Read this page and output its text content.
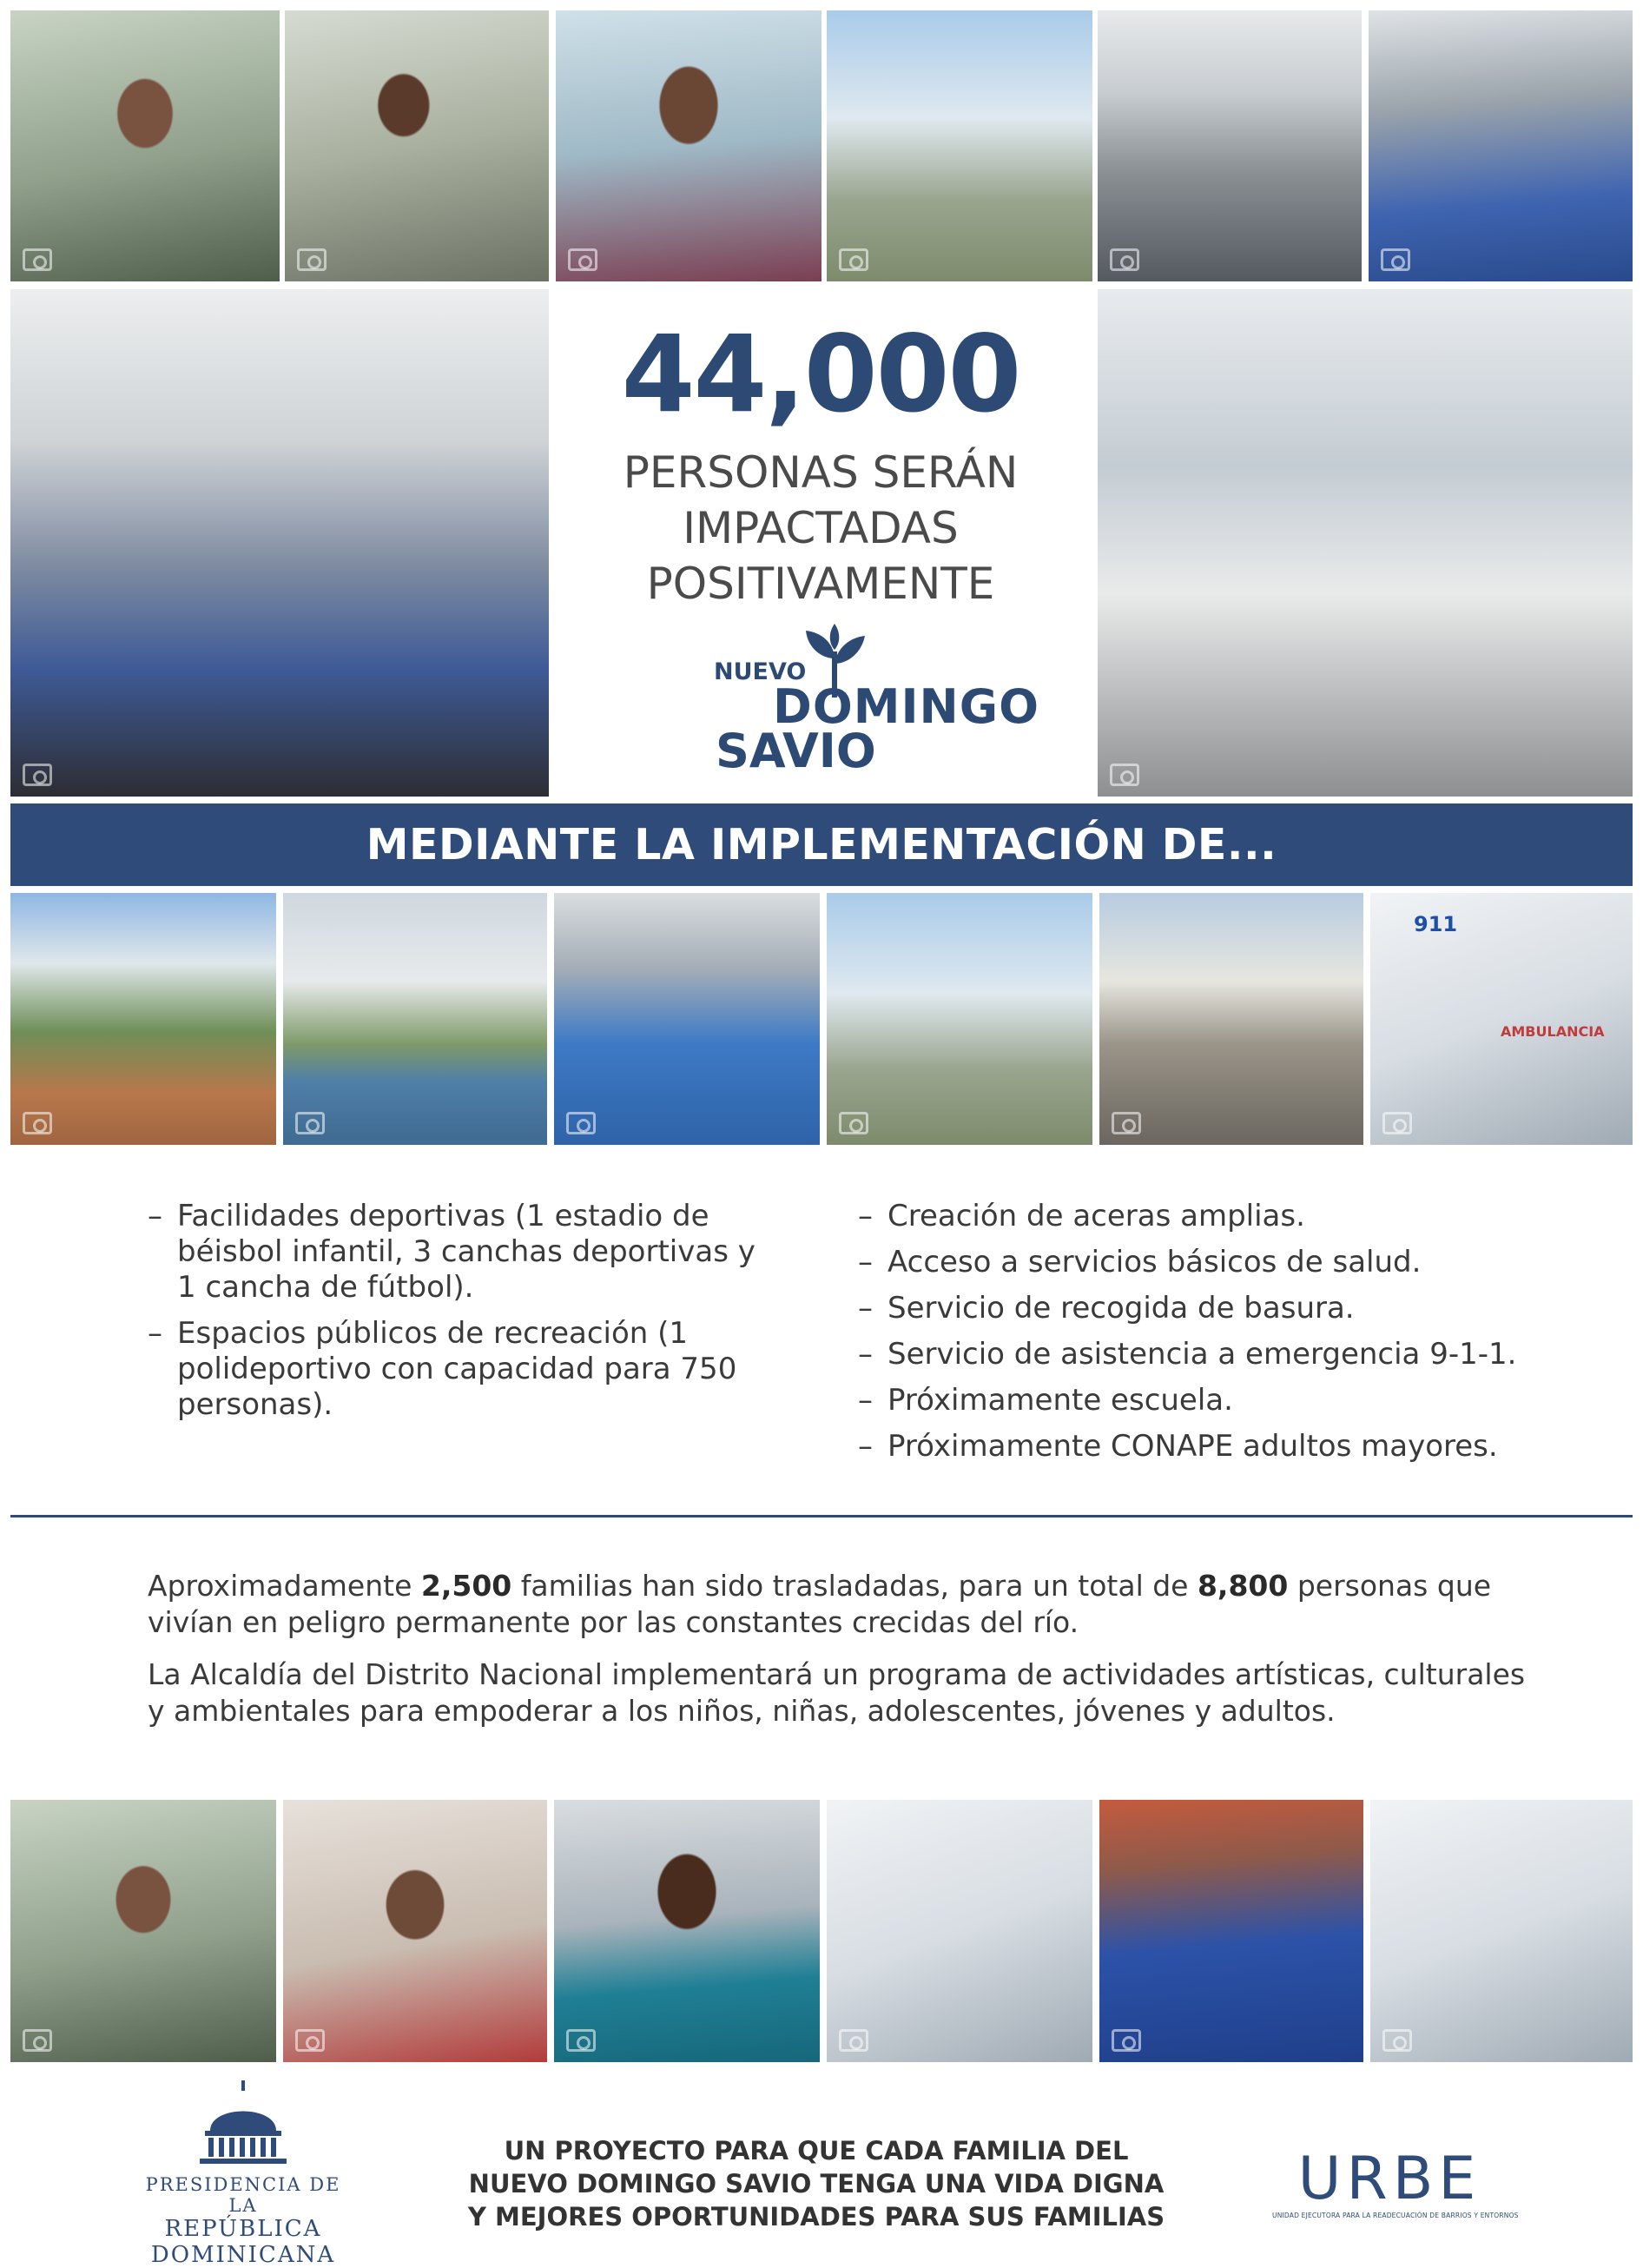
44,000
PERSONAS SERÁN
IMPACTADAS
POSITIVAMENTE
NUEVO
DOMINGO
SAVIO
MEDIANTE LA IMPLEMENTACIÓN DE...
911
AMBULANCIA
– Facilidades deportivas (1 estadio de béisbol infantil, 3 canchas deportivas y 1 cancha de fútbol).
– Espacios públicos de recreación (1 polideportivo con capacidad para 750 personas).
– Creación de aceras amplias.
– Acceso a servicios básicos de salud.
– Servicio de recogida de basura.
– Servicio de asistencia a emergencia 9-1-1.
– Próximamente escuela.
– Próximamente CONAPE adultos mayores.

Aproximadamente 2,500 familias han sido trasladadas, para un total de 8,800 personas que vivían en peligro permanente por las constantes crecidas del río.

La Alcaldía del Distrito Nacional implementará un programa de actividades artísticas, culturales y ambientales para empoderar a los niños, niñas, adolescentes, jóvenes y adultos.

PRESIDENCIA DE LA
REPÚBLICA
DOMINICANA
UN PROYECTO PARA QUE CADA FAMILIA DEL
NUEVO DOMINGO SAVIO TENGA UNA VIDA DIGNA
Y MEJORES OPORTUNIDADES PARA SUS FAMILIAS
URBE
UNIDAD EJECUTORA PARA LA READECUACIÓN DE BARRIOS Y ENTORNOS
